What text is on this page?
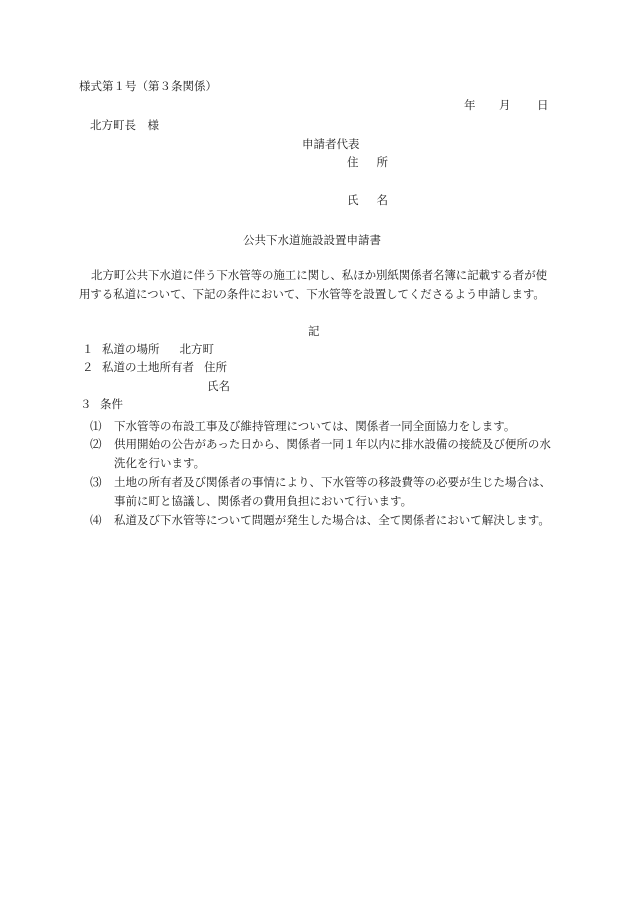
様式第１号（第３条関係）
年 月 日
北方町長　様
申請者代表
住所
氏名
公共下水道施設設置申請書
北方町公共下水道に伴う下水管等の施工に関し、私ほか別紙関係者名簿に記載する者が使用する私道について、下記の条件において、下水管等を設置してくださるよう申請します。
記
１ 私道の場所 北方町
２ 私道の土地所有者 住所
氏名
３ 条件
⑴	下水管等の布設工事及び維持管理については、関係者一同全面協力をします。
⑵	供用開始の公告があった日から、関係者一同１年以内に排水設備の接続及び便所の水洗化を行います。
⑶	土地の所有者及び関係者の事情により、下水管等の移設費等の必要が生じた場合は、事前に町と協議し、関係者の費用負担において行います。
⑷	私道及び下水管等について問題が発生した場合は、全て関係者において解決します。
